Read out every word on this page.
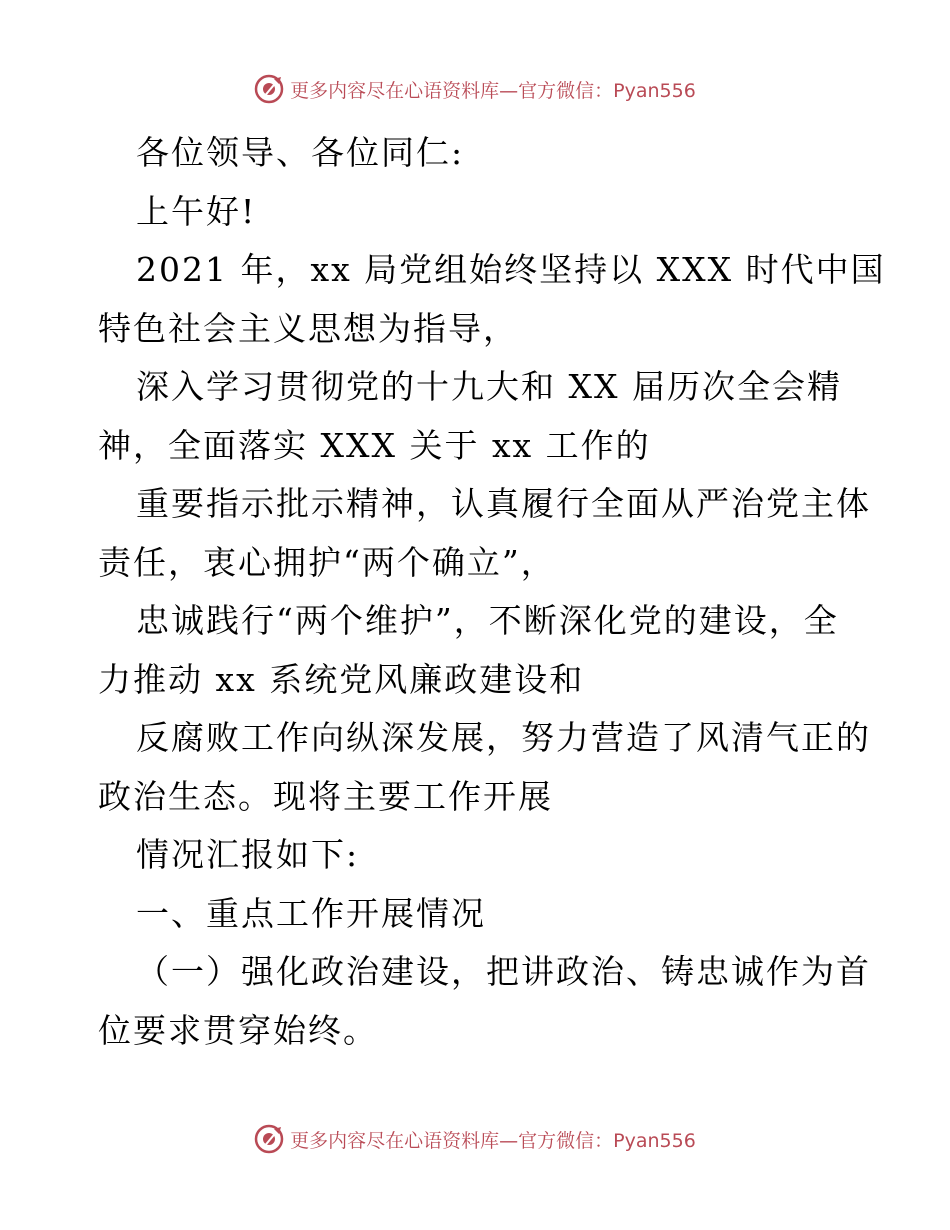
更多内容尽在心语资料库—官方微信：Pyan556
各位领导、各位同仁:
上午好!
2021 年，xx 局党组始终坚持以 XXX 时代中国
特色社会主义思想为指导，
深入学习贯彻党的十九大和 XX 届历次全会精
神，全面落实 XXX 关于 xx 工作的
重要指示批示精神，认真履行全面从严治党主体
责任，衷心拥护“两个确立”，
忠诚践行“两个维护”，不断深化党的建设，全
力推动 xx 系统党风廉政建设和
反腐败工作向纵深发展，努力营造了风清气正的
政治生态。现将主要工作开展
情况汇报如下:
一、重点工作开展情况
（一）强化政治建设，把讲政治、铸忠诚作为首
位要求贯穿始终。
更多内容尽在心语资料库—官方微信：Pyan556
